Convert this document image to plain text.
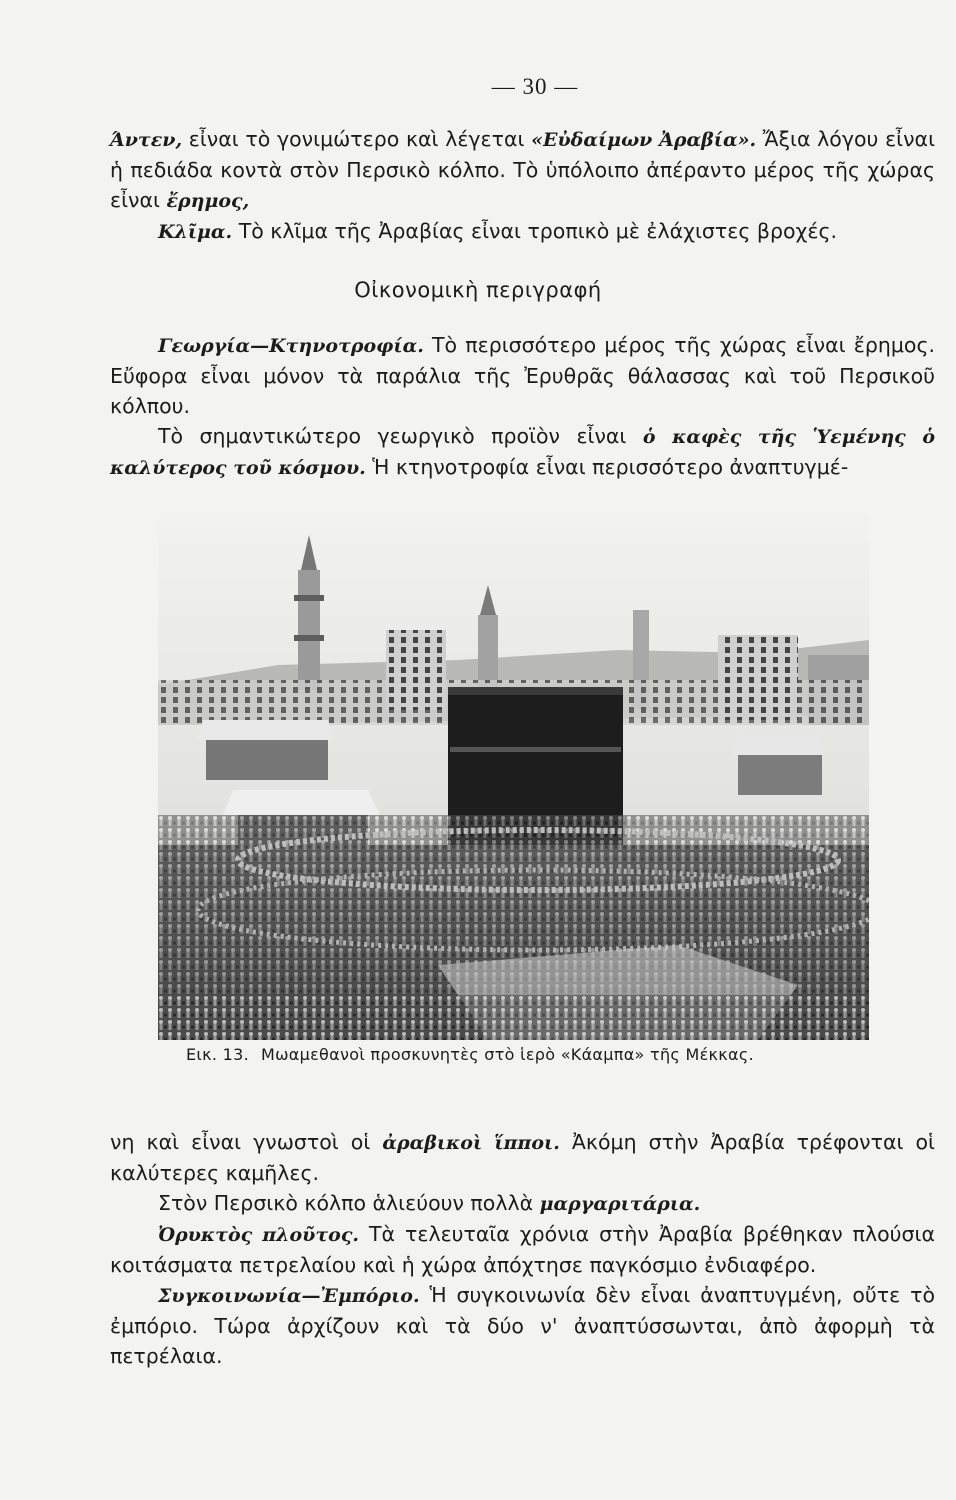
— 30 —

Άντεν, εἶναι τὸ γονιμώτερο καὶ λέγεται «Εὐδαίμων Ἀραβία». Ἄξια λόγου εἶναι ἡ πεδιάδα κοντὰ στὸν Περσικὸ κόλπο. Τὸ ὑπόλοιπο ἀπέραντο μέρος τῆς χώρας εἶναι ἔρημος,

Κλῖμα. Τὸ κλῖμα τῆς Ἀραβίας εἶναι τροπικὸ μὲ ἐλάχιστες βροχές.

Οἰκονομικὴ περιγραφή

Γεωργία—Κτηνοτροφία. Τὸ περισσότερο μέρος τῆς χώρας εἶναι ἔρημος. Εὔφορα εἶναι μόνον τὰ παράλια τῆς Ἐρυθρᾶς θάλασσας καὶ τοῦ Περσικοῦ κόλπου.

Τὸ σημαντικώτερο γεωργικὸ προϊὸν εἶναι ὁ καφὲς τῆς Ὑεμένης ὁ καλύτερος τοῦ κόσμου. Ἡ κτηνοτροφία εἶναι περισσότερο ἀναπτυγμέ-

Εικ. 13. Μωαμεθανοὶ προσκυνητὲς στὸ ἱερὸ «Κάαμπα» τῆς Μέκκας.

νη καὶ εἶναι γνωστοὶ οἱ ἀραβικοὶ ἵπποι. Ἀκόμη στὴν Ἀραβία τρέφονται οἱ καλύτερες καμῆλες.

Στὸν Περσικὸ κόλπο ἁλιεύουν πολλὰ μαργαριτάρια.

Ὀρυκτὸς πλοῦτος. Τὰ τελευταῖα χρόνια στὴν Ἀραβία βρέθηκαν πλούσια κοιτάσματα πετρελαίου καὶ ἡ χώρα ἀπόχτησε παγκόσμιο ἐνδιαφέρο.

Συγκοινωνία—Ἐμπόριο. Ἡ συγκοινωνία δὲν εἶναι ἀναπτυγμένη, οὔτε τὸ ἐμπόριο. Τώρα ἀρχίζουν καὶ τὰ δύο ν' ἀναπτύσσωνται, ἀπὸ ἀφορμὴ τὰ πετρέλαια.
